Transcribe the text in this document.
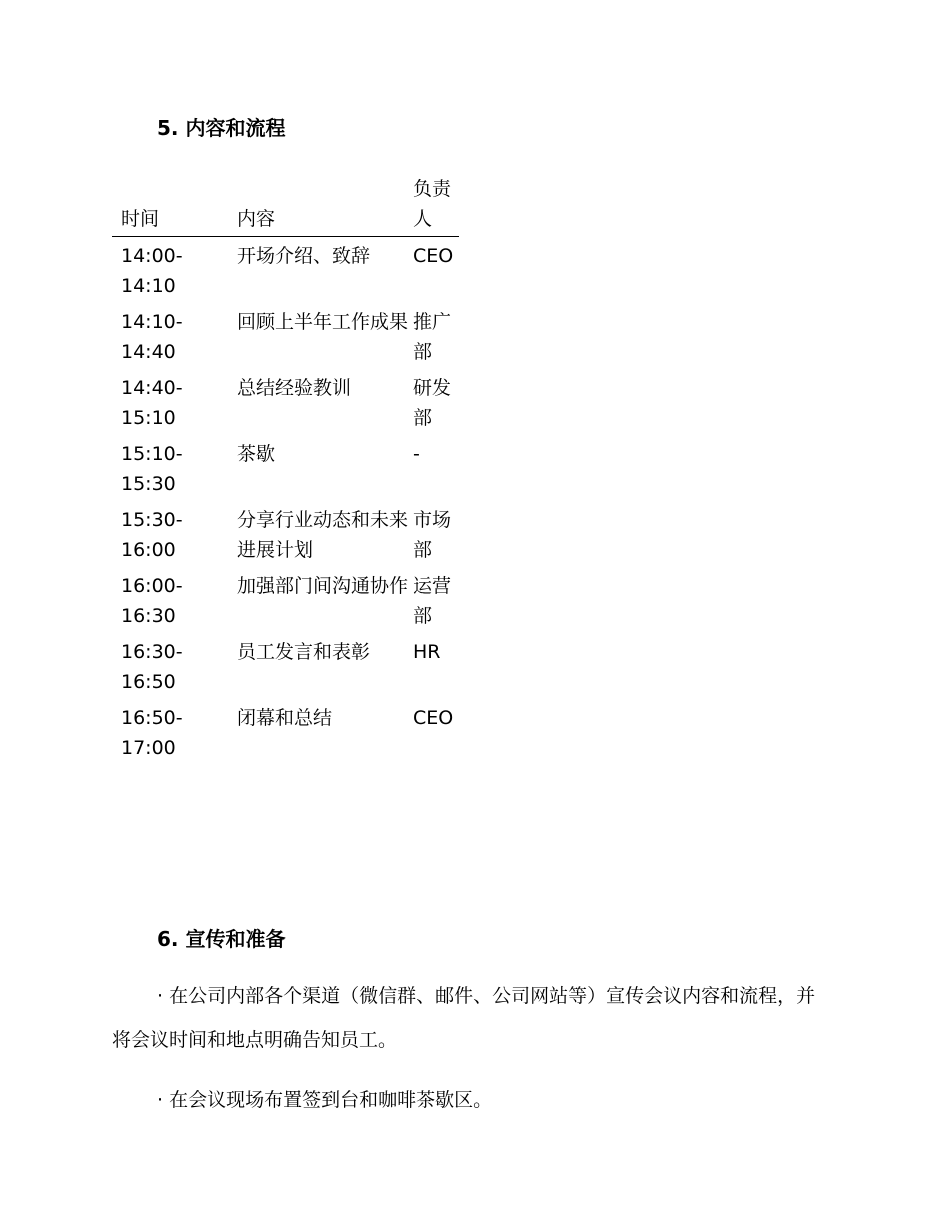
5. 内容和流程
时间	内容	负责人
14:00-14:10	开场介绍、致辞	CEO
14:10-14:40	回顾上半年工作成果	推广部
14:40-15:10	总结经验教训	研发部
15:10-15:30	茶歇	-
15:30-16:00	分享行业动态和未来进展计划	市场部
16:00-16:30	加强部门间沟通协作	运营部
16:30-16:50	员工发言和表彰	HR
16:50-17:00	闭幕和总结	CEO
6. 宣传和准备

· 在公司内部各个渠道（微信群、邮件、公司网站等）宣传会议内容和流程，并将会议时间和地点明确告知员工。

· 在会议现场布置签到台和咖啡茶歇区。
